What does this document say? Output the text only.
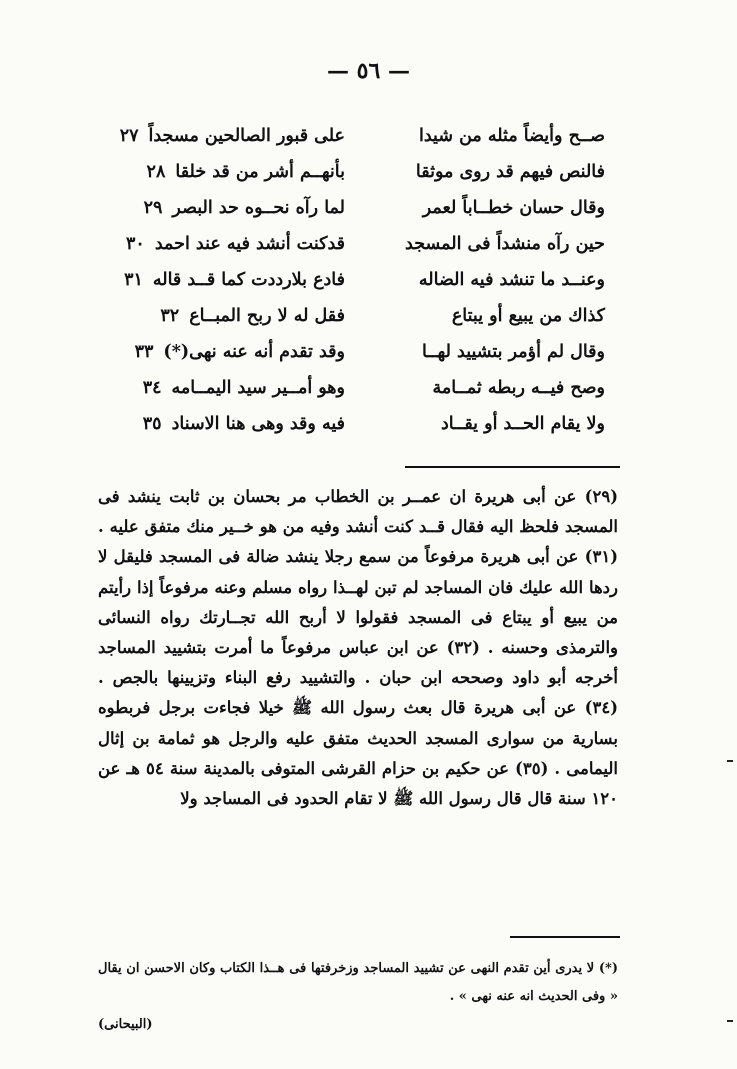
— ٥٦ —
صــح وأيضاً مثله من شيدا
على قبور الصالحين مسجداً٢٧
فالنص فيهم قد روى موثقا
بأنهــم أشر من قد خلقا٢٨
وقال حسان خطــاباً لعمر
لما رآه نحــوه حد البصر٢٩
حين رآه منشداً فى المسجد
قدكنت أنشد فيه عند احمد٣٠
وعنــد ما تنشد فيه الضاله
فادع بلارددت كما قــد قاله٣١
كذاك من يبيع أو يبتاع
فقل له لا ربح المبــاع٣٢
وقال لم أؤمر بتشييد لهــا
وقد تقدم أنه عنه نهى(*)٣٣
وصح فيــه ربطه ثمــامة
وهو أمــير سيد اليمــامه٣٤
ولا يقام الحــد أو يقــاد
فيه وقد وهى هنا الاسناد٣٥

(٢٩) عن أبى هريرة ان عمــر بن الخطاب مر بحسان بن ثابت ينشد فى المسجد فلحظ اليه فقال قــد كنت أنشد وفيه من هو خــير منك متفق عليه . (٣١) عن أبى هريرة مرفوعاً من سمع رجلا ينشد ضالة فى المسجد فليقل لا ردها الله عليك فان المساجد لم تبن لهــذا رواه مسلم وعنه مرفوعاً إذا رأيتم من يبيع أو يبتاع فى المسجد فقولوا لا أربح الله تجــارتك رواه النسائى والترمذى وحسنه . (٣٢) عن ابن عباس مرفوعاً ما أمرت بتشييد المساجد أخرجه أبو داود وصححه ابن حبان . والتشييد رفع البناء وتزيينها بالجص . (٣٤) عن أبى هريرة قال بعث رسول الله ﷺ خيلا فجاءت برجل فربطوه بسارية من سوارى المسجد الحديث متفق عليه والرجل هو ثمامة بن إثال اليمامى . (٣٥) عن حكيم بن حزام القرشى المتوفى بالمدينة سنة ٥٤ هـ عن ١٢٠ سنة قال قال رسول الله ﷺ لا تقام الحدود فى المساجد ولا

(*) لا يدرى أين تقدم النهى عن تشييد المساجد وزخرفتها فى هــذا الكتاب وكان الاحسن ان يقال « وفى الحديث انه عنه نهى » .

(البيحانى)
